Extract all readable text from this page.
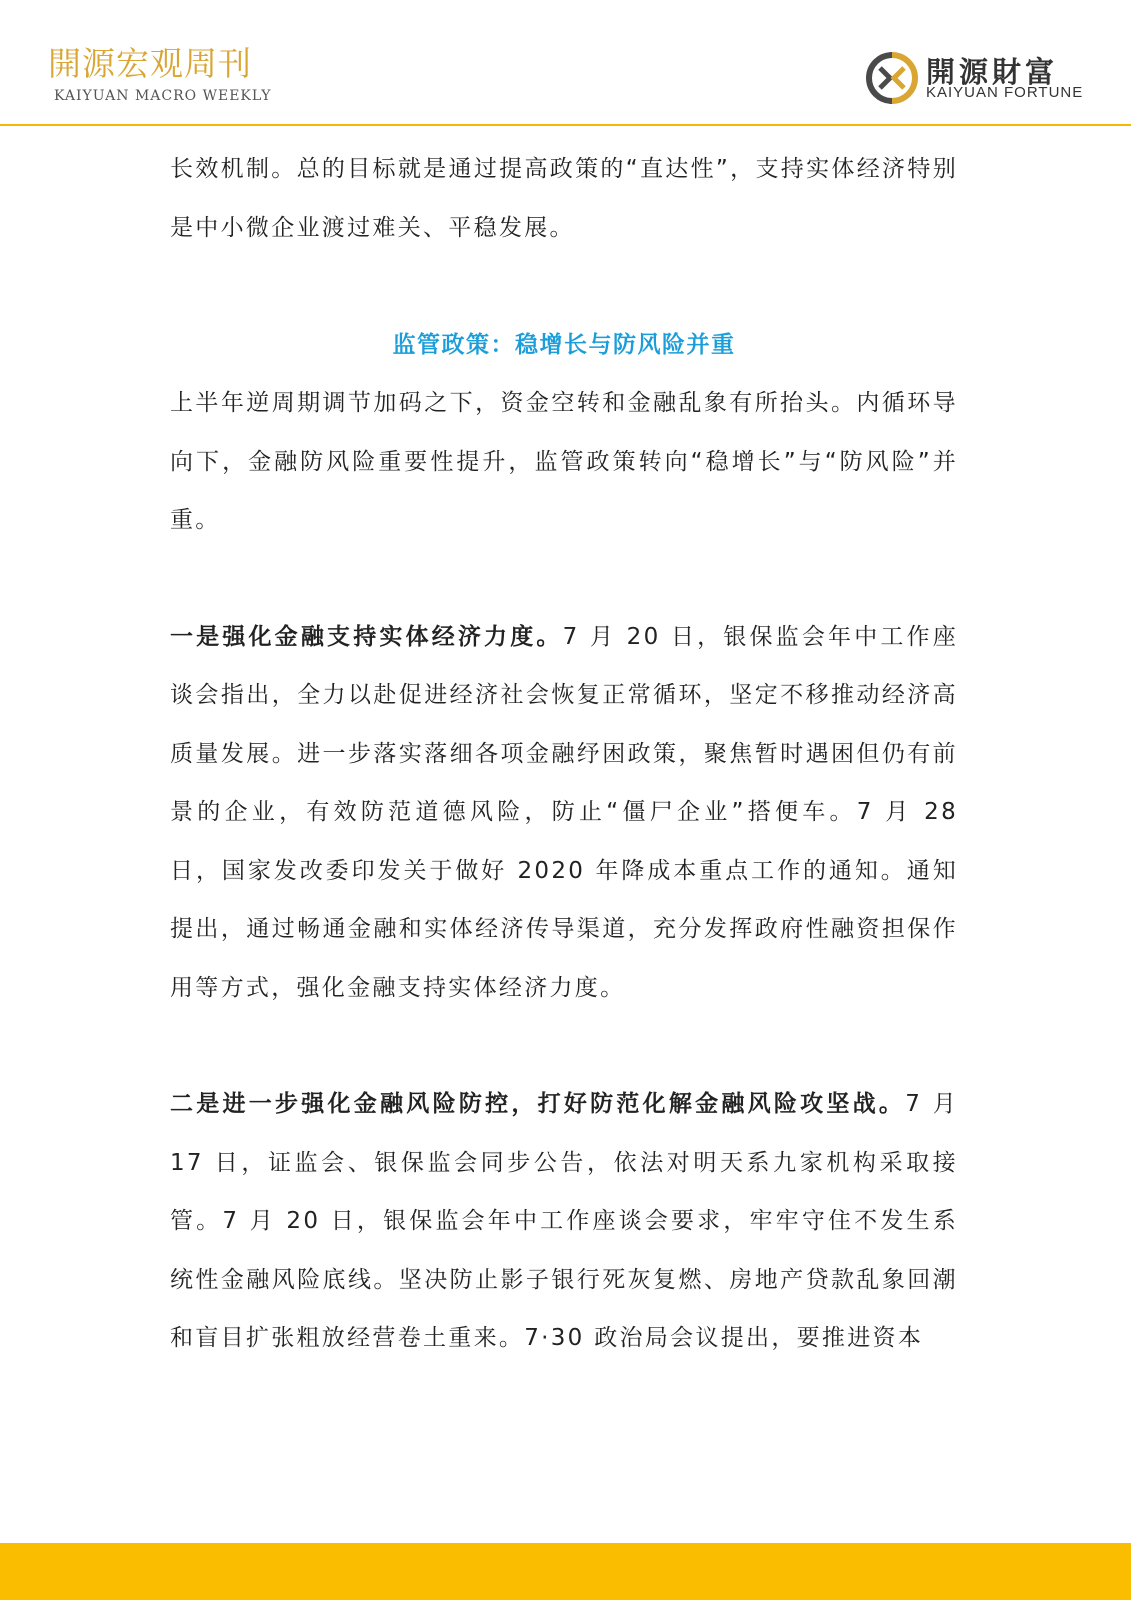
開源宏观周刊
KAIYUAN MACRO WEEKLY
開源財富
KAIYUAN FORTUNE

长效机制。总的目标就是通过提高政策的“直达性”，支持实体经济特别是中小微企业渡过难关、平稳发展。

监管政策：稳增长与防风险并重

上半年逆周期调节加码之下，资金空转和金融乱象有所抬头。内循环导向下，金融防风险重要性提升，监管政策转向“稳增长”与“防风险”并重。

一是强化金融支持实体经济力度。7 月 20 日，银保监会年中工作座谈会指出，全力以赴促进经济社会恢复正常循环，坚定不移推动经济高质量发展。进一步落实落细各项金融纾困政策，聚焦暂时遇困但仍有前景的企业，有效防范道德风险，防止“僵尸企业”搭便车。7 月 28 日，国家发改委印发关于做好 2020 年降成本重点工作的通知。通知提出，通过畅通金融和实体经济传导渠道，充分发挥政府性融资担保作用等方式，强化金融支持实体经济力度。

二是进一步强化金融风险防控，打好防范化解金融风险攻坚战。7 月 17 日，证监会、银保监会同步公告，依法对明天系九家机构采取接管。7 月 20 日，银保监会年中工作座谈会要求，牢牢守住不发生系统性金融风险底线。坚决防止影子银行死灰复燃、房地产贷款乱象回潮和盲目扩张粗放经营卷土重来。7·30 政治局会议提出，要推进资本
